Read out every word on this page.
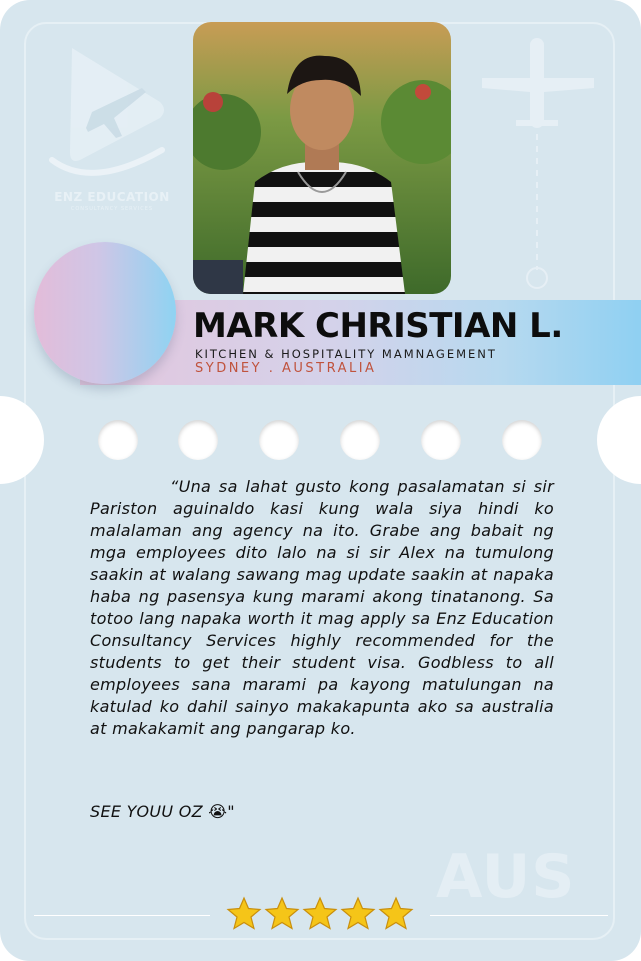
ENZ EDUCATION
CONSULTANCY SERVICES
MARK CHRISTIAN L.
KITCHEN & HOSPITALITY MAMNAGEMENT
SYDNEY . AUSTRALIA

“Una sa lahat gusto kong pasalamatan si sir Pariston aguinaldo kasi kung wala siya hindi ko malalaman ang agency na ito. Grabe ang babait ng mga employees dito lalo na si sir Alex na tumulong saakin at walang sawang mag update saakin at napaka haba ng pasensya kung marami akong tinatanong. Sa totoo lang napaka worth it mag apply sa Enz Education Consultancy Services highly recommended for the students to get their student visa. Godbless to all employees sana marami pa kayong matulungan na katulad ko dahil sainyo makakapunta ako sa australia at makakamit ang pangarap ko.

SEE YOUU OZ 😭"
AUS
